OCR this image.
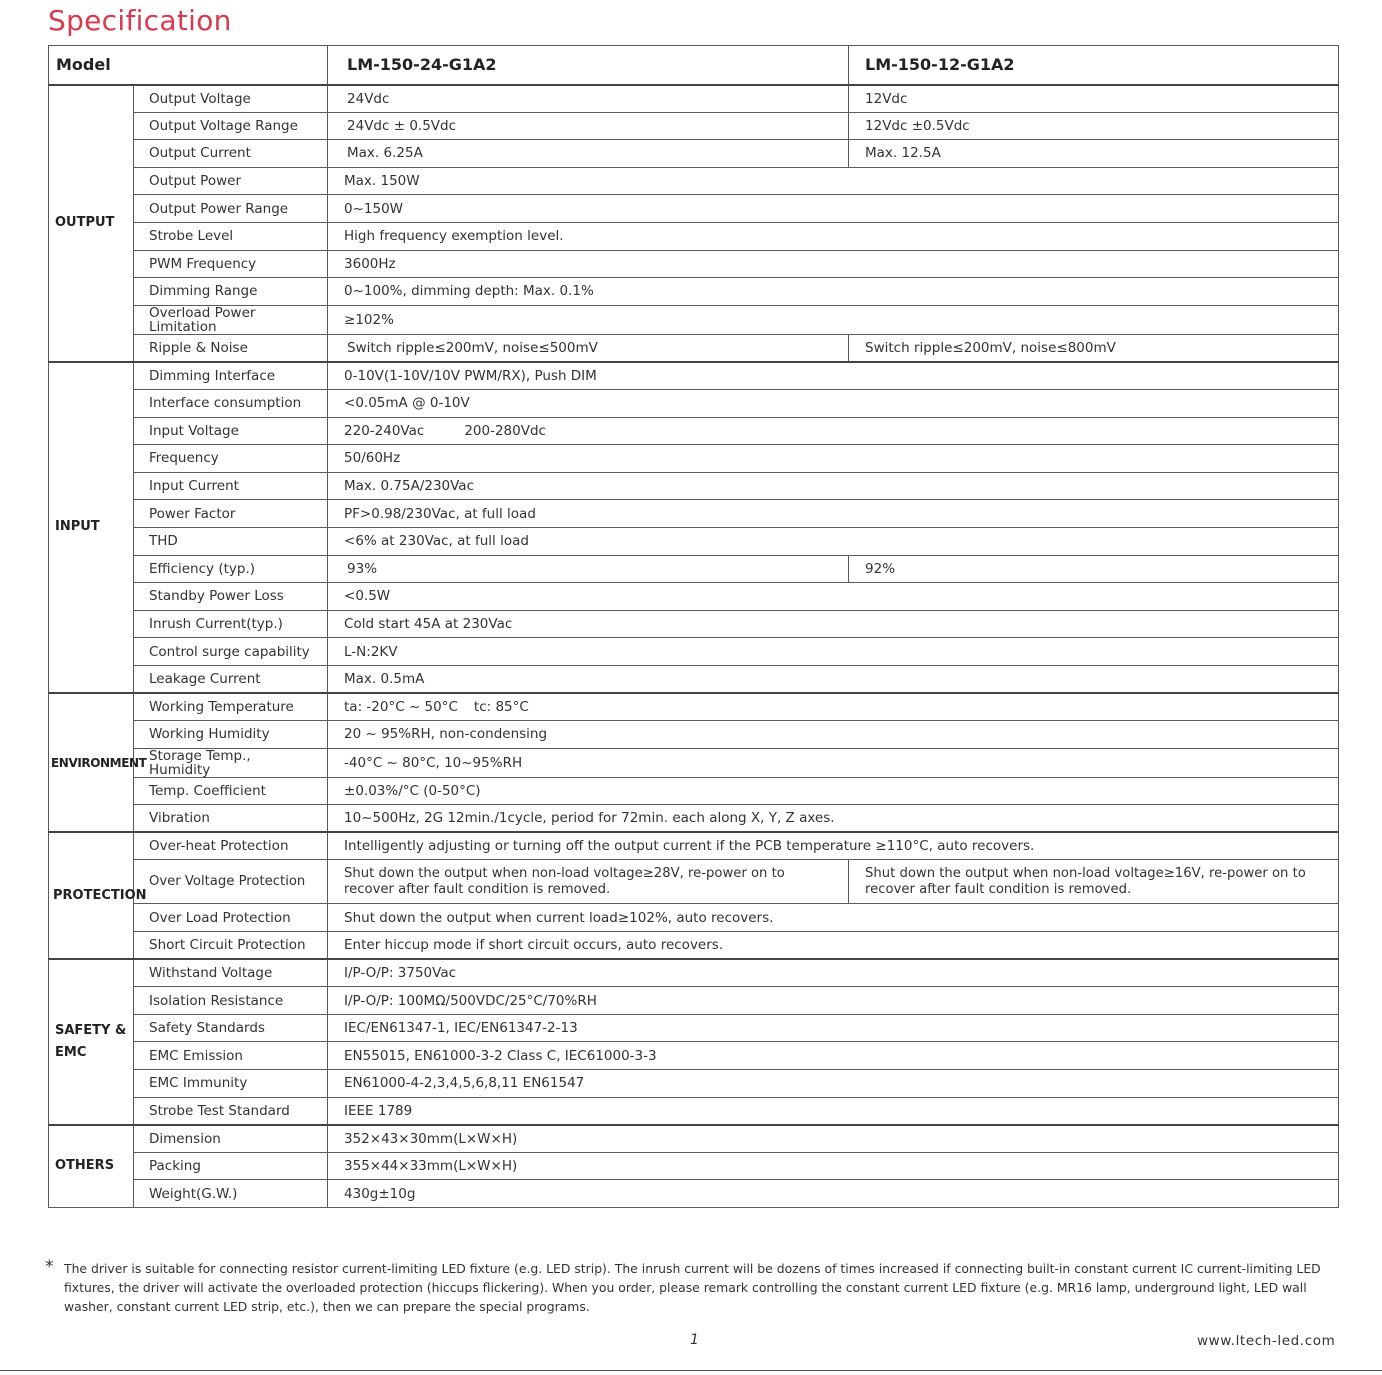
Specification
Model		LM-150-24-G1A2	LM-150-12-G1A2
OUTPUT	Output Voltage	24Vdc	12Vdc
	Output Voltage Range	24Vdc ± 0.5Vdc	12Vdc ±0.5Vdc
	Output Current	Max. 6.25A	Max. 12.5A
	Output Power	Max. 150W	
	Output Power Range	0~150W	
	Strobe Level	High frequency exemption level.	
	PWM Frequency	3600Hz	
	Dimming Range	0~100%, dimming depth: Max. 0.1%	
	Overload Power Limitation	≥102%	
	Ripple & Noise	Switch ripple≤200mV, noise≤500mV	Switch ripple≤200mV, noise≤800mV
INPUT	Dimming Interface	0-10V(1-10V/10V PWM/RX), Push DIM	
	Interface consumption	<0.05mA @ 0-10V	
	Input Voltage	220-240Vac 200-280Vdc	
	Frequency	50/60Hz	
	Input Current	Max. 0.75A/230Vac	
	Power Factor	PF>0.98/230Vac, at full load	
	THD	<6% at 230Vac, at full load	
	Efficiency (typ.)	93%	92%
	Standby Power Loss	<0.5W	
	Inrush Current(typ.)	Cold start 45A at 230Vac	
	Control surge capability	L-N:2KV	
	Leakage Current	Max. 0.5mA	
ENVIRONMENT	Working Temperature	ta: -20°C ~ 50°C tc: 85°C	
	Working Humidity	20 ~ 95%RH, non-condensing	
	Storage Temp., Humidity	-40°C ~ 80°C, 10~95%RH	
	Temp. Coefficient	±0.03%/°C (0-50°C)	
	Vibration	10~500Hz, 2G 12min./1cycle, period for 72min. each along X, Y, Z axes.	
PROTECTION	Over-heat Protection	Intelligently adjusting or turning off the output current if the PCB temperature ≥110°C, auto recovers.	
	Over Voltage Protection	Shut down the output when non-load voltage≥28V, re-power on to recover after fault condition is removed.	Shut down the output when non-load voltage≥16V, re-power on to recover after fault condition is removed.
	Over Load Protection	Shut down the output when current load≥102%, auto recovers.	
	Short Circuit Protection	Enter hiccup mode if short circuit occurs, auto recovers.	

SAFETY &
EMC	Withstand Voltage	I/P-O/P: 3750Vac	
	Isolation Resistance	I/P-O/P: 100MΩ/500VDC/25°C/70%RH	
	Safety Standards	IEC/EN61347-1, IEC/EN61347-2-13	
	EMC Emission	EN55015, EN61000-3-2 Class C, IEC61000-3-3	
	EMC Immunity	EN61000-4-2,3,4,5,6,8,11 EN61547	
	Strobe Test Standard	IEEE 1789	
OTHERS	Dimension	352×43×30mm(L×W×H)	
	Packing	355×44×33mm(L×W×H)	
	Weight(G.W.)	430g±10g	
* The driver is suitable for connecting resistor current-limiting LED fixture (e.g. LED strip). The inrush current will be dozens of times increased if connecting built-in constant current IC current-limiting LED fixtures, the driver will activate the overloaded protection (hiccups flickering). When you order, please remark controlling the constant current LED fixture (e.g. MR16 lamp, underground light, LED wall washer, constant current LED strip, etc.), then we can prepare the special programs.
1	www.ltech-led.com
